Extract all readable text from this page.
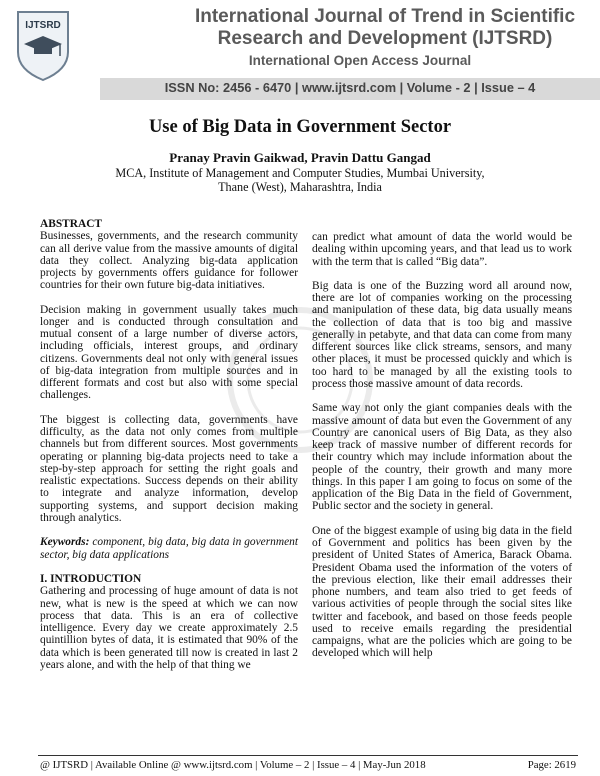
IJTSRD	International Journal of Trend in Scientific
Research and Development (IJTSRD)
International Open Access Journal
ISSN No: 2456 - 6470 | www.ijtsrd.com | Volume - 2 | Issue – 4
Use of Big Data in Government Sector
Pranay Pravin Gaikwad, Pravin Dattu Gangad
MCA, Institute of Management and Computer Studies, Mumbai University,
Thane (West), Maharashtra, India
ABSTRACT

Businesses, governments, and the research community can all derive value from the massive amounts of digital data they collect. Analyzing big-data application projects by governments offers guidance for follower countries for their own future big-data initiatives.

Decision making in government usually takes much longer and is conducted through consultation and mutual consent of a large number of diverse actors, including officials, interest groups, and ordinary citizens. Governments deal not only with general issues of big-data integration from multiple sources and in different formats and cost but also with some special challenges.

The biggest is collecting data, governments have difficulty, as the data not only comes from multiple channels but from different sources. Most governments operating or planning big-data projects need to take a step-by-step approach for setting the right goals and realistic expectations. Success depends on their ability to integrate and analyze information, develop supporting systems, and support decision making through analytics.

Keywords: component, big data, big data in government sector, big data applications

I. INTRODUCTION

Gathering and processing of huge amount of data is not new, what is new is the speed at which we can now process that data. This is an era of collective intelligence. Every day we create approximately 2.5 quintillion bytes of data, it is estimated that 90% of the data which is been generated till now is created in last 2 years alone, and with the help of that thing we

can predict what amount of data the world would be dealing within upcoming years, and that lead us to work with the term that is called “Big data”.

Big data is one of the Buzzing word all around now, there are lot of companies working on the processing and manipulation of these data, big data usually means the collection of data that is too big and massive generally in petabyte, and that data can come from many different sources like click streams, sensors, and many other places, it must be processed quickly and which is too hard to be managed by all the existing tools to process those massive amount of data records.

Same way not only the giant companies deals with the massive amount of data but even the Government of any Country are canonical users of Big Data, as they also keep track of massive number of different records for their country which may include information about the people of the country, their growth and many more things. In this paper I am going to focus on some of the application of the Big Data in the field of Government, Public sector and the society in general.

One of the biggest example of using big data in the field of Government and politics has been given by the president of United States of America, Barack Obama. President Obama used the information of the voters of the previous election, like their email addresses their phone numbers, and team also tried to get feeds of various activities of people through the social sites like twitter and facebook, and based on those feeds people used to receive emails regarding the presidential campaigns, what are the policies which are going to be developed which will help

@ IJTSRD | Available Online @ www.ijtsrd.com | Volume – 2 | Issue – 4 | May-Jun 2018	Page: 2619
